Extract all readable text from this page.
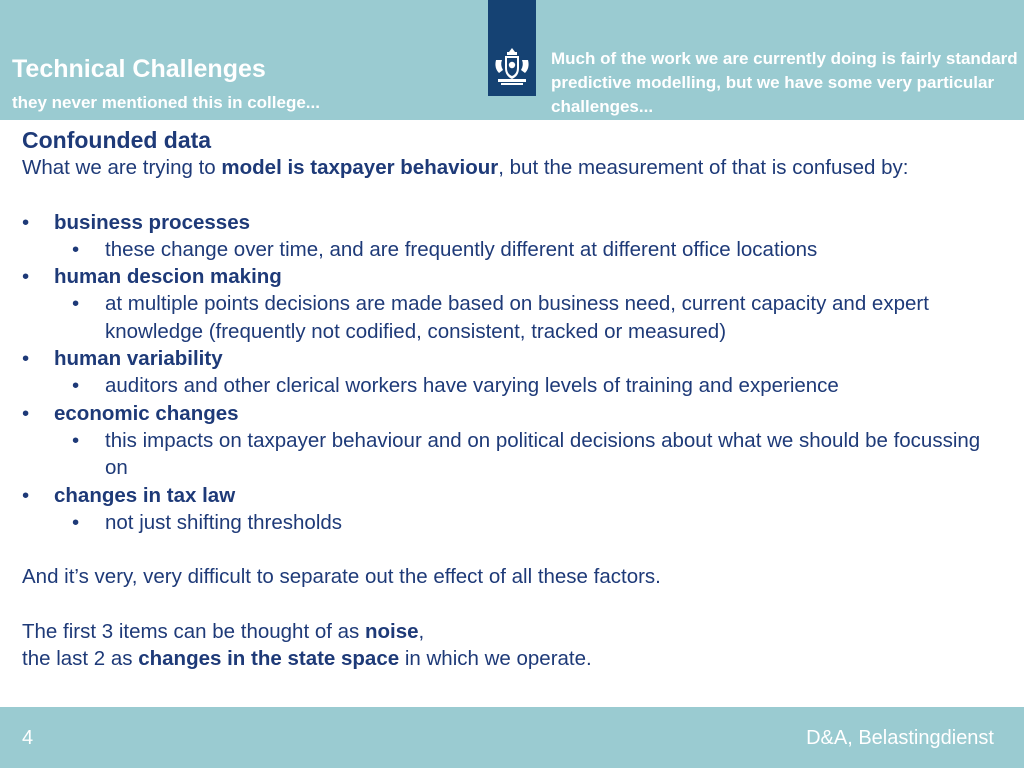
Technical Challenges
they never mentioned this in college...
Much of the work we are currently doing is fairly standard predictive modelling, but we have some very particular challenges...
Confounded data
What we are trying to model is taxpayer behaviour, but the measurement of that is confused by:
• business processes
• these change over time, and are frequently different at different office locations
• human descion making
• at multiple points decisions are made based on business need, current capacity and expert knowledge (frequently not codified, consistent, tracked or measured)
• human variability
• auditors and other clerical workers have varying levels of training and experience
• economic changes
• this impacts on taxpayer behaviour and on political decisions about what we should be focussing on
• changes in tax law
• not just shifting thresholds
And it’s very, very difficult to separate out the effect of all these factors.
The first 3 items can be thought of as noise,
the last 2 as changes in the state space in which we operate.
4	D&A, Belastingdienst
